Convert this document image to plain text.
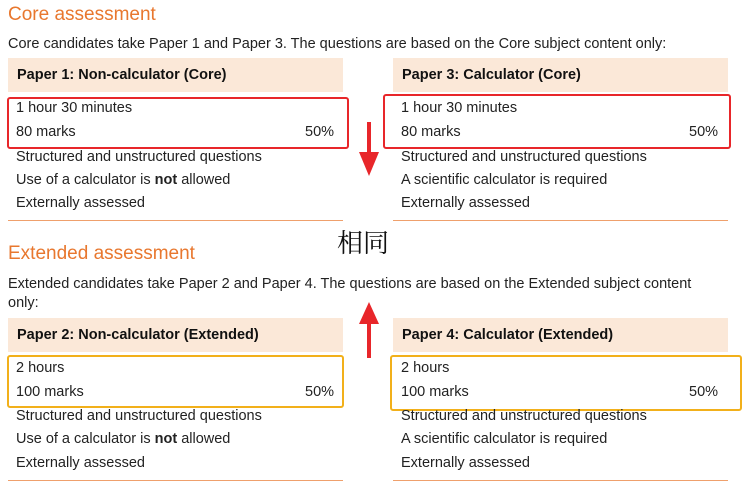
Core assessment
Core candidates take Paper 1 and Paper 3. The questions are based on the Core subject content only:
Paper 1: Non-calculator (Core)
1 hour 30 minutes
80 marks	50%
Structured and unstructured questions
Use of a calculator is not allowed
Externally assessed
Paper 3: Calculator (Core)
1 hour 30 minutes
80 marks	50%
Structured and unstructured questions
A scientific calculator is required
Externally assessed
相同
Extended assessment
Extended candidates take Paper 2 and Paper 4. The questions are based on the Extended subject content
only:
Paper 2: Non-calculator (Extended)
2 hours
100 marks	50%
Structured and unstructured questions
Use of a calculator is not allowed
Externally assessed
Paper 4: Calculator (Extended)
2 hours
100 marks	50%
Structured and unstructured questions
A scientific calculator is required
Externally assessed
